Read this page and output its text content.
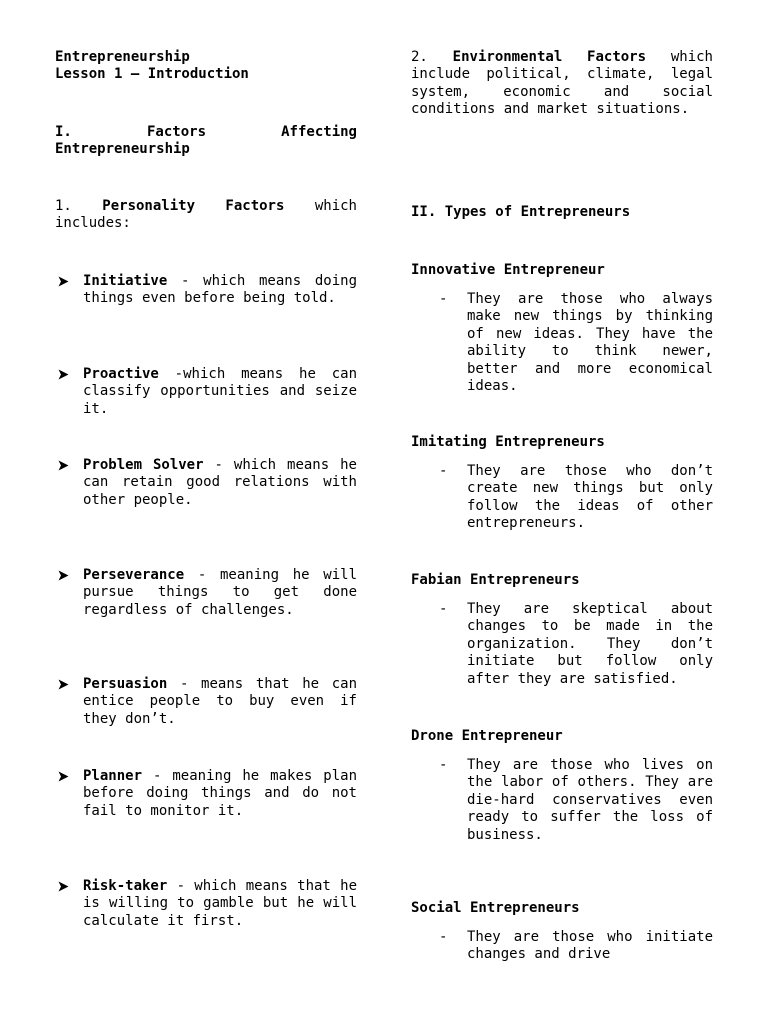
Entrepreneurship
Lesson 1 – Introduction
I.    Factors    Affecting Entrepreneurship
1. Personality Factors which includes:
Initiative - which means doing things even before being told.
Proactive -which means he can classify opportunities and seize it.
Problem Solver - which means he can retain good relations with other people.
Perseverance - meaning he will pursue things to get done regardless of challenges.
Persuasion - means that he can entice people to buy even if they don’t.
Planner - meaning he makes plan before doing things and do not fail to monitor it.
Risk-taker - which means that he is willing to gamble but he will calculate it first.
2. Environmental Factors which include political, climate, legal system, economic and social conditions and market situations.
II. Types of Entrepreneurs
Innovative Entrepreneur
- They are those who always make new things by thinking of new ideas. They have the ability to think newer, better and more economical ideas.
Imitating Entrepreneurs
- They are those who don’t create new things but only follow the ideas of other entrepreneurs.
Fabian Entrepreneurs
- They are skeptical about changes to be made in the organization. They don’t initiate but follow only after they are satisfied.
Drone Entrepreneur
- They are those who lives on the labor of others. They are die-hard conservatives even ready to suffer the loss of business.
Social Entrepreneurs
- They are those who initiate changes and drive
